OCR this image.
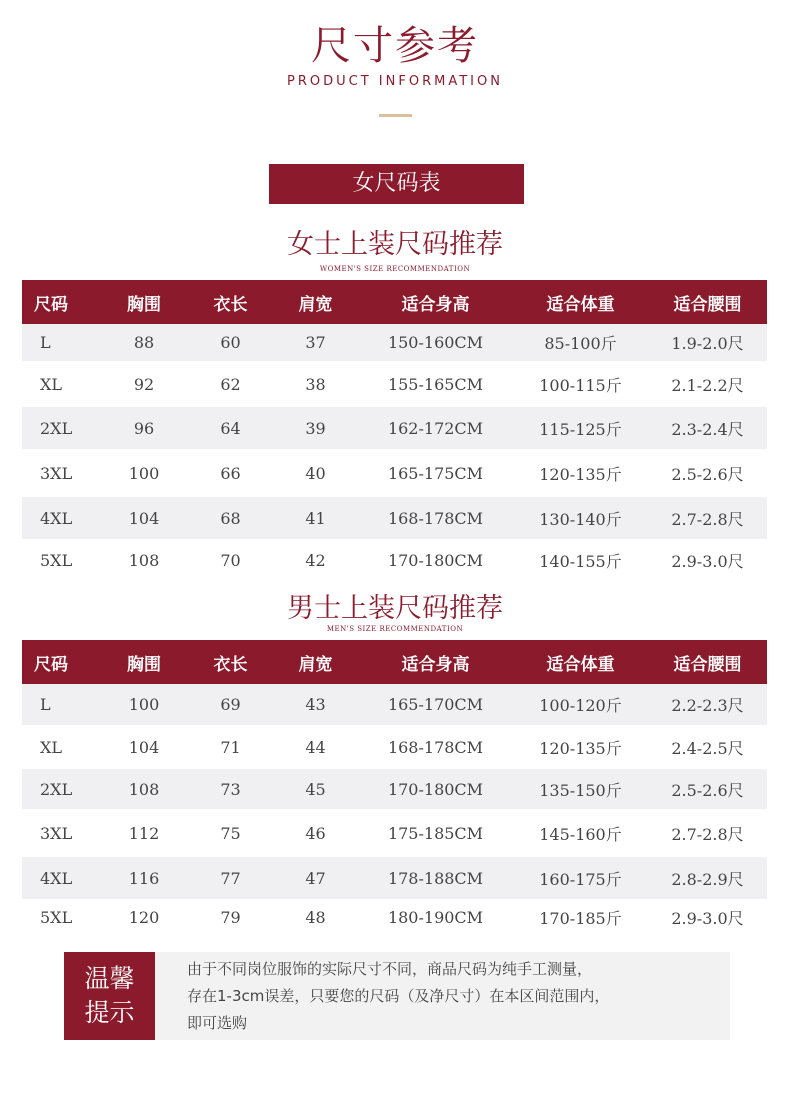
尺寸参考
PRODUCT INFORMATION
女尺码表
女士上装尺码推荐
WOMEN'S SIZE RECOMMENDATION
尺码	胸围	衣长	肩宽	适合身高	适合体重	适合腰围
L	88	60	37	150-160CM	85-100斤	1.9-2.0尺
XL	92	62	38	155-165CM	100-115斤	2.1-2.2尺
2XL	96	64	39	162-172CM	115-125斤	2.3-2.4尺
3XL	100	66	40	165-175CM	120-135斤	2.5-2.6尺
4XL	104	68	41	168-178CM	130-140斤	2.7-2.8尺
5XL	108	70	42	170-180CM	140-155斤	2.9-3.0尺
男士上装尺码推荐
MEN'S SIZE RECOMMENDATION
尺码	胸围	衣长	肩宽	适合身高	适合体重	适合腰围
L	100	69	43	165-170CM	100-120斤	2.2-2.3尺
XL	104	71	44	168-178CM	120-135斤	2.4-2.5尺
2XL	108	73	45	170-180CM	135-150斤	2.5-2.6尺
3XL	112	75	46	175-185CM	145-160斤	2.7-2.8尺
4XL	116	77	47	178-188CM	160-175斤	2.8-2.9尺
5XL	120	79	48	180-190CM	170-185斤	2.9-3.0尺
温馨
提示
由于不同岗位服饰的实际尺寸不同，商品尺码为纯手工测量，
存在1-3cm误差，只要您的尺码（及净尺寸）在本区间范围内，
即可选购
